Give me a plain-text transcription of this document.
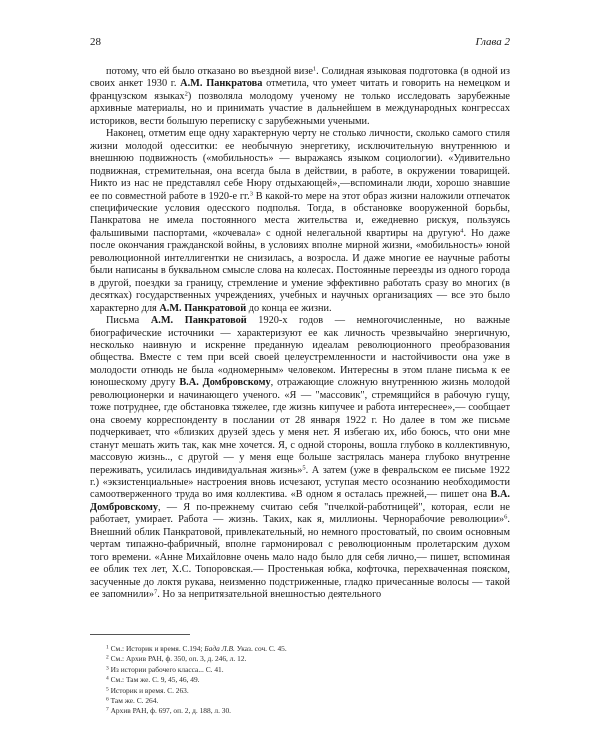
28	Глава 2

потому, что ей было отказано во въездной визе$^1$. Солидная языковая подготовка (в одной из своих анкет 1930 г. А.М. Панкратова отметила, что умеет читать и говорить на немецком и французском языках$^2$) позволяла молодому ученому не только исследовать зарубежные архивные материалы, но и принимать участие в дальнейшем в международных конгрессах историков, вести большую переписку с зарубежными учеными.

Наконец, отметим еще одну характерную черту не столько личности, сколько самого стиля жизни молодой одесситки: ее необычную энергетику, исключительную внутреннюю и внешнюю подвижность («мобильность» — выражаясь языком социологии). «Удивительно подвижная, стремительная, она всегда была в действии, в работе, в окружении товарищей. Никто из нас не представлял себе Нюру отдыхающей»,—вспоминали люди, хорошо знавшие ее по совместной работе в 1920-е гг.$^3$ В какой-то мере на этот образ жизни наложили отпечаток специфические условия одесского подполья. Тогда, в обстановке вооруженной борьбы, Панкратова не имела постоянного места жительства и, ежедневно рискуя, пользуясь фальшивыми паспортами, «кочевала» с одной нелегальной квартиры на другую$^4$. Но даже после окончания гражданской войны, в условиях вполне мирной жизни, «мобильность» юной революционной интеллигентки не снизилась, а возросла. И даже многие ее научные работы были написаны в буквальном смысле слова на колесах. Постоянные переезды из одного города в другой, поездки за границу, стремление и умение эффективно работать сразу во многих (в десятках) государственных учреждениях, учебных и научных организациях — все это было характерно для А.М. Панкратовой до конца ее жизни.

Письма А.М. Панкратовой 1920-х годов — немногочисленные, но важные биографические источники — характеризуют ее как личность чрезвычайно энергичную, несколько наивную и искренне преданную идеалам революционного преобразования общества. Вместе с тем при всей своей целеустремленности и настойчивости она уже в молодости отнюдь не была «одномерным» человеком. Интересны в этом плане письма к ее юношескому другу В.А. Домбровскому, отражающие сложную внутреннюю жизнь молодой революционерки и начинающего ученого. «Я — "массовик", стремящийся в рабочую гущу, тоже потруднее, где обстановка тяжелее, где жизнь кипучее и работа интереснее»,— сообщает она своему корреспонденту в послании от 28 января 1922 г. Но далее в том же письме подчеркивает, что «близких друзей здесь у меня нет. Я избегаю их, ибо боюсь, что они мне станут мешать жить так, как мне хочется. Я, с одной стороны, вошла глубоко в коллективную, массовую жизнь.., с другой — у меня еще больше застрялась манера глубоко внутренне переживать, усилилась индивидуальная жизнь»$^5$. А затем (уже в февральском ее письме 1922 г.) «экзистенциальные» настроения вновь исчезают, уступая место осознанию необходимости самоотверженного труда во имя коллектива. «В одном я осталась прежней,— пишет она В.А. Домбровскому, — Я по-прежнему считаю себя "пчелкой-работницей", которая, если не работает, умирает. Работа — жизнь. Таких, как я, миллионы. Чернорабочие революции»$^6$. Внешний облик Панкратовой, привлекательный, но немного простоватый, по своим основным чертам типажно-фабричный, вполне гармонировал с революционным пролетарским духом того времени. «Анне Михайловне очень мало надо было для себя лично,— пишет, вспоминая ее облик тех лет, Х.С. Топоровская.— Простенькая юбка, кофточка, перехваченная пояском, засученные до локтя рукава, неизменно подстриженные, гладко причесанные волосы — такой ее запомнили»$^7$. Но за непритязательной внешностью деятельного

$^1$ См.: Историк и время. С.194; Бада Л.В. Указ. соч. С. 45.
$^2$ См.: Архив РАН, ф. 350, оп. 3, д. 246, л. 12.
$^3$ Из истории рабочего класса... С. 41.
$^4$ См.: Там же. С. 9, 45, 46, 49.
$^5$ Историк и время. С. 263.
$^6$ Там же. С. 264.
$^7$ Архив РАН, ф. 697, оп. 2, д. 188, л. 30.
